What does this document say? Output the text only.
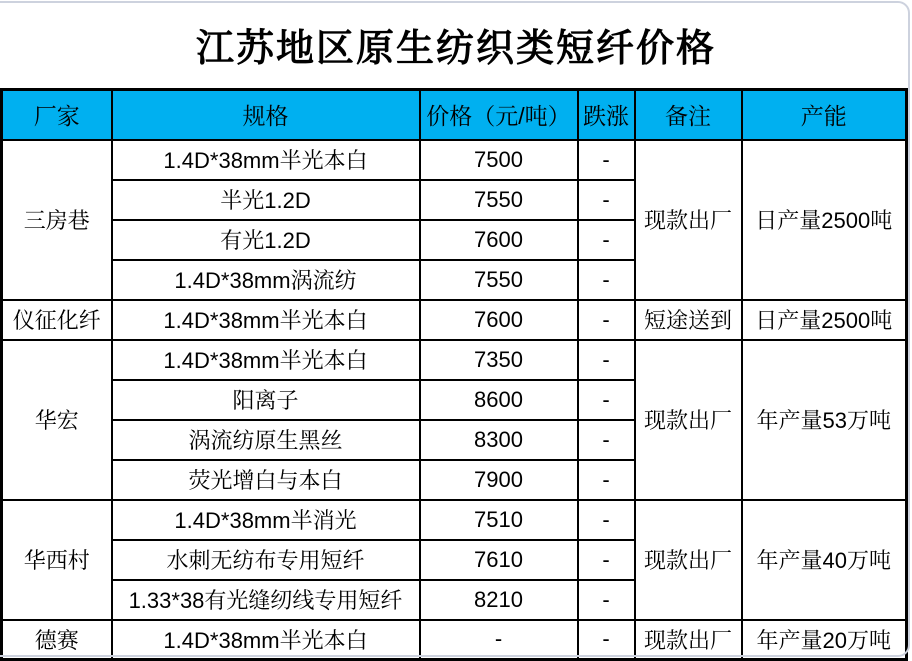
江苏地区原生纺织类短纤价格
厂家	规格	价格（元/吨）	跌涨	备注	产能
三房巷	1.4D*38mm半光本白	7500	-	现款出厂	日产量2500吨
	半光1.2D	7550	-		
	有光1.2D	7600	-		
	1.4D*38mm涡流纺	7550	-		
仪征化纤	1.4D*38mm半光本白	7600	-	短途送到	日产量2500吨
华宏	1.4D*38mm半光本白	7350	-	现款出厂	年产量53万吨
	阳离子	8600	-		
	涡流纺原生黑丝	8300	-		
	荧光增白与本白	7900	-		
华西村	1.4D*38mm半消光	7510	-	现款出厂	年产量40万吨
	水刺无纺布专用短纤	7610	-		
	1.33*38有光缝纫线专用短纤	8210	-		
德赛	1.4D*38mm半光本白	-	-	现款出厂	年产量20万吨
